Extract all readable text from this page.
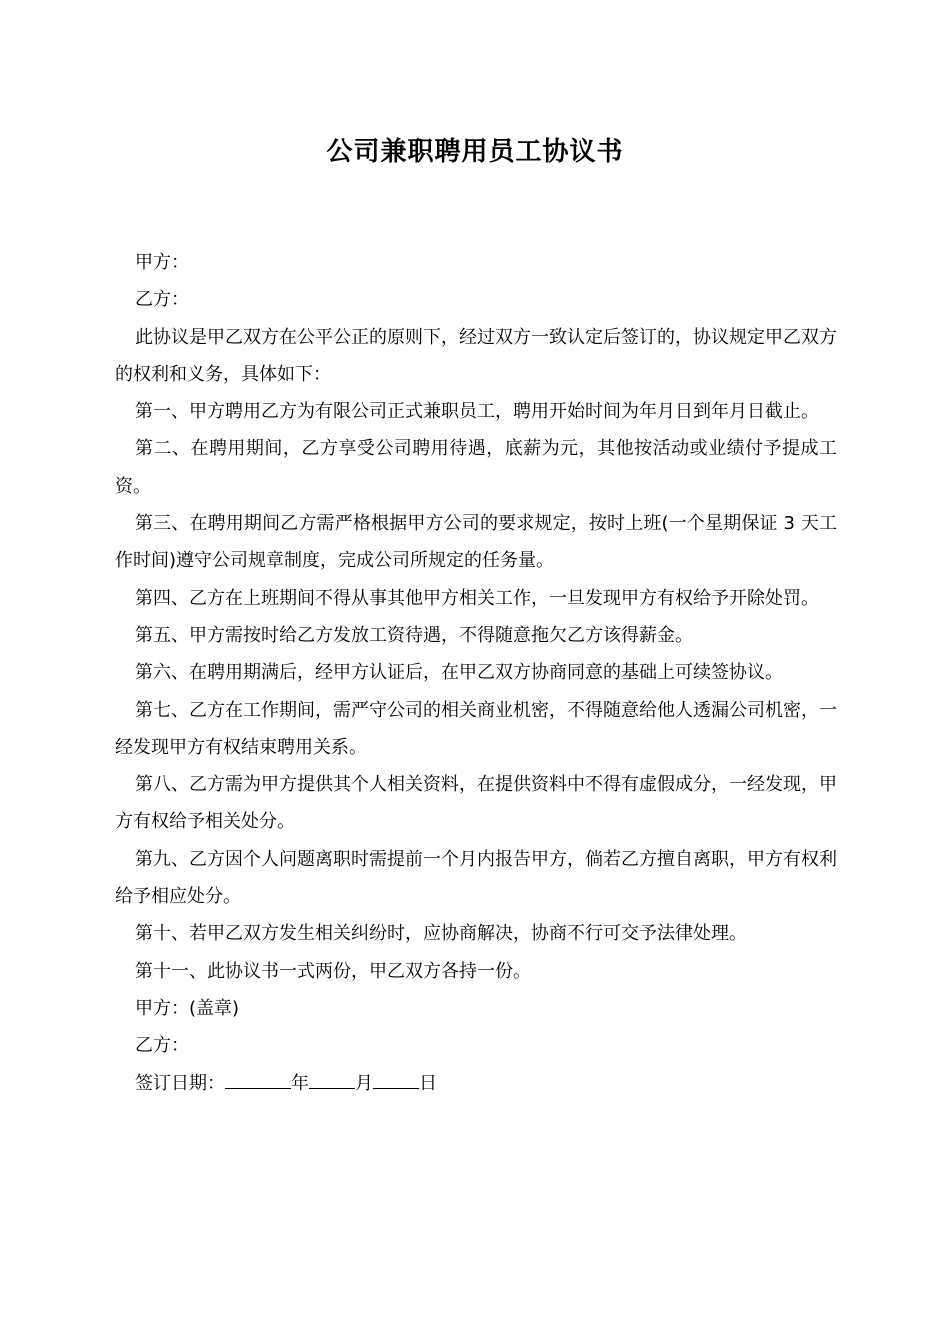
公司兼职聘用员工协议书

甲方：

乙方：

此协议是甲乙双方在公平公正的原则下，经过双方一致认定后签订的，协议规定甲乙双方的权利和义务，具体如下：

第一、甲方聘用乙方为有限公司正式兼职员工，聘用开始时间为年月日到年月日截止。

第二、在聘用期间，乙方享受公司聘用待遇，底薪为元，其他按活动或业绩付予提成工资。

第三、在聘用期间乙方需严格根据甲方公司的要求规定，按时上班(一个星期保证 3 天工作时间)遵守公司规章制度，完成公司所规定的任务量。

第四、乙方在上班期间不得从事其他甲方相关工作，一旦发现甲方有权给予开除处罚。

第五、甲方需按时给乙方发放工资待遇，不得随意拖欠乙方该得薪金。

第六、在聘用期满后，经甲方认证后，在甲乙双方协商同意的基础上可续签协议。

第七、乙方在工作期间，需严守公司的相关商业机密，不得随意给他人透漏公司机密，一经发现甲方有权结束聘用关系。

第八、乙方需为甲方提供其个人相关资料，在提供资料中不得有虚假成分，一经发现，甲方有权给予相关处分。

第九、乙方因个人问题离职时需提前一个月内报告甲方，倘若乙方擅自离职，甲方有权利给予相应处分。

第十、若甲乙双方发生相关纠纷时，应协商解决，协商不行可交予法律处理。

第十一、此协议书一式两份，甲乙双方各持一份。

甲方：(盖章)

乙方：

签订日期：	年	月	日
